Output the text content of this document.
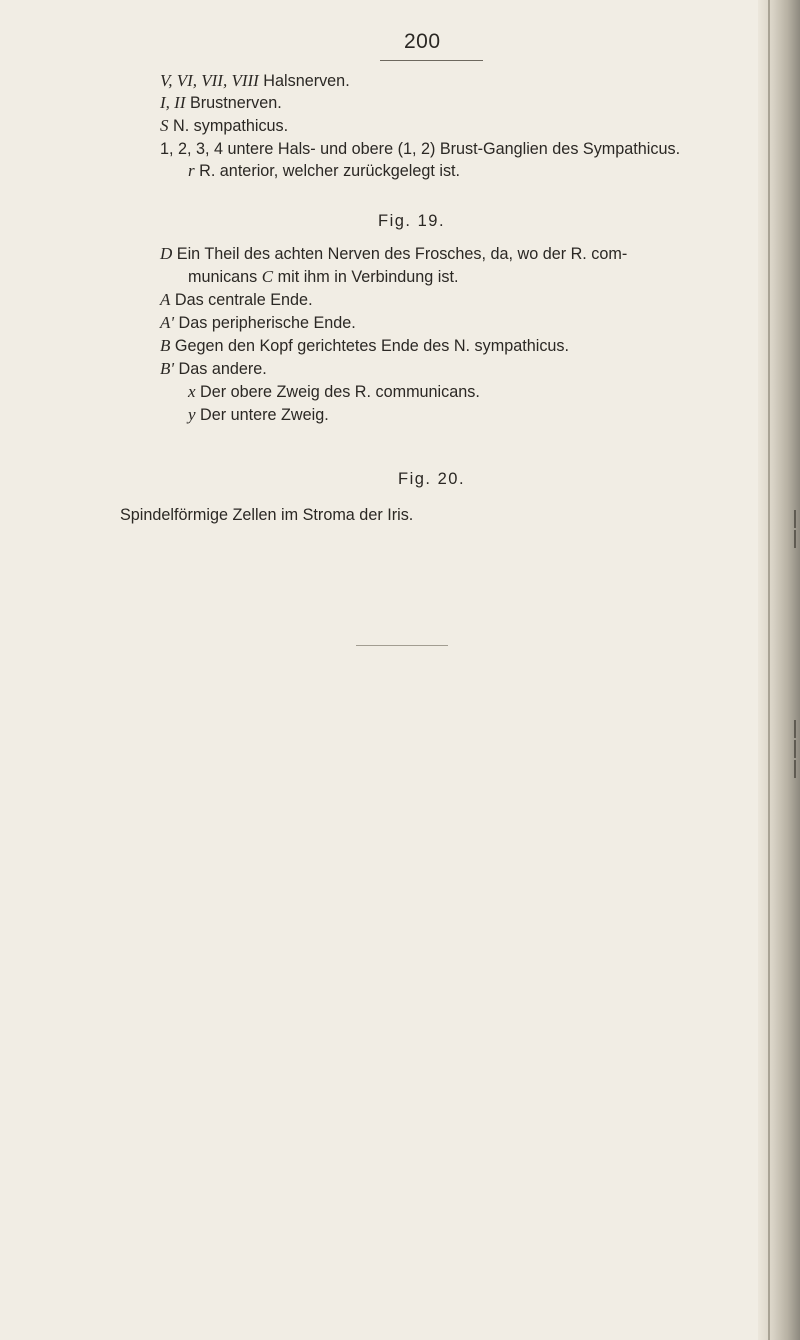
200
V, VI, VII, VIII Halsnerven.
I, II Brustnerven.
S N. sympathicus.
1, 2, 3, 4 untere Hals- und obere (1, 2) Brust-Ganglien des Sympathicus.
r R. anterior, welcher zurückgelegt ist.
Fig. 19.
D Ein Theil des achten Nerven des Frosches, da, wo der R. com-
municans C mit ihm in Verbindung ist.
A Das centrale Ende.
A' Das peripherische Ende.
B Gegen den Kopf gerichtetes Ende des N. sympathicus.
B' Das andere.
x Der obere Zweig des R. communicans.
y Der untere Zweig.
Fig. 20.
Spindelförmige Zellen im Stroma der Iris.
